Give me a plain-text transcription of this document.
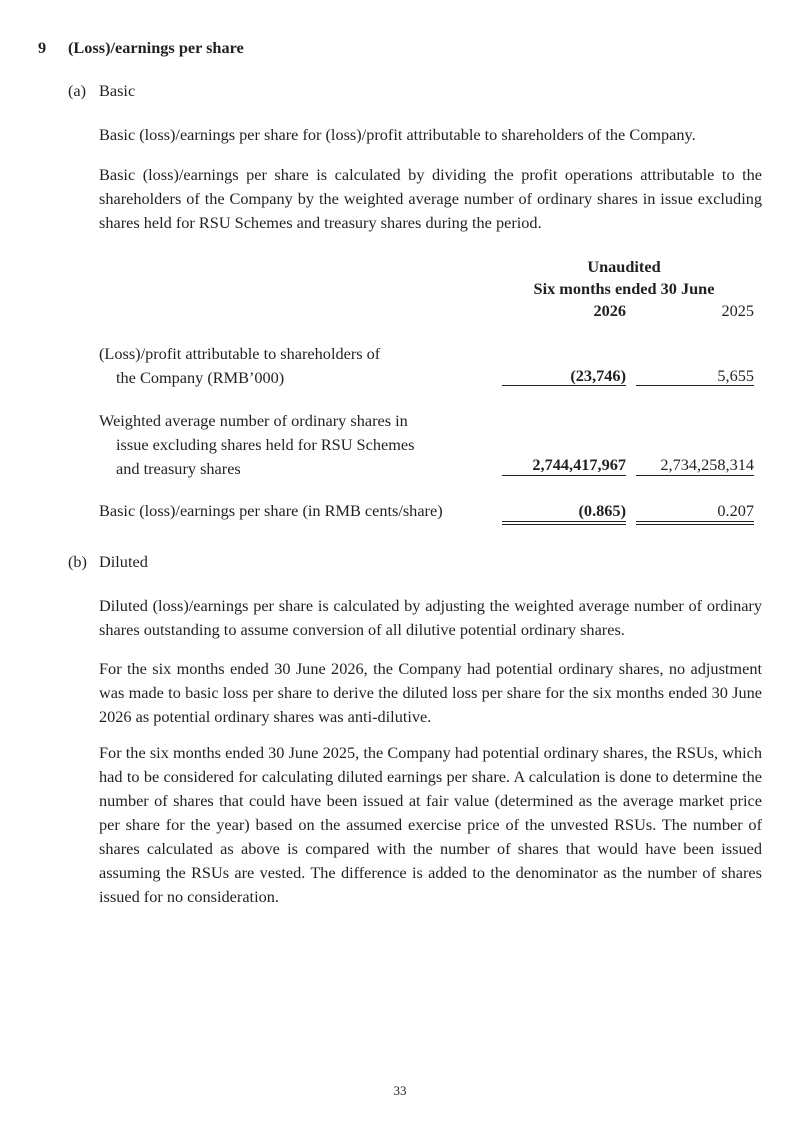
9 (Loss)/earnings per share
(a) Basic
Basic (loss)/earnings per share for (loss)/profit attributable to shareholders of the Company.
Basic (loss)/earnings per share is calculated by dividing the profit operations attributable to the shareholders of the Company by the weighted average number of ordinary shares in issue excluding shares held for RSU Schemes and treasury shares during the period.
Unaudited
Six months ended 30 June
2026	2025
(Loss)/profit attributable to shareholders of
the Company (RMB’000)	(23,746)	5,655
Weighted average number of ordinary shares in
issue excluding shares held for RSU Schemes
and treasury shares	2,744,417,967	2,734,258,314
Basic (loss)/earnings per share (in RMB cents/share)	(0.865)	0.207
(b) Diluted
Diluted (loss)/earnings per share is calculated by adjusting the weighted average number of ordinary shares outstanding to assume conversion of all dilutive potential ordinary shares.
For the six months ended 30 June 2026, the Company had potential ordinary shares, no adjustment was made to basic loss per share to derive the diluted loss per share for the six months ended 30 June 2026 as potential ordinary shares was anti-dilutive.
For the six months ended 30 June 2025, the Company had potential ordinary shares, the RSUs, which had to be considered for calculating diluted earnings per share. A calculation is done to determine the number of shares that could have been issued at fair value (determined as the average market price per share for the year) based on the assumed exercise price of the unvested RSUs. The number of shares calculated as above is compared with the number of shares that would have been issued assuming the RSUs are vested. The difference is added to the denominator as the number of shares issued for no consideration.
33
